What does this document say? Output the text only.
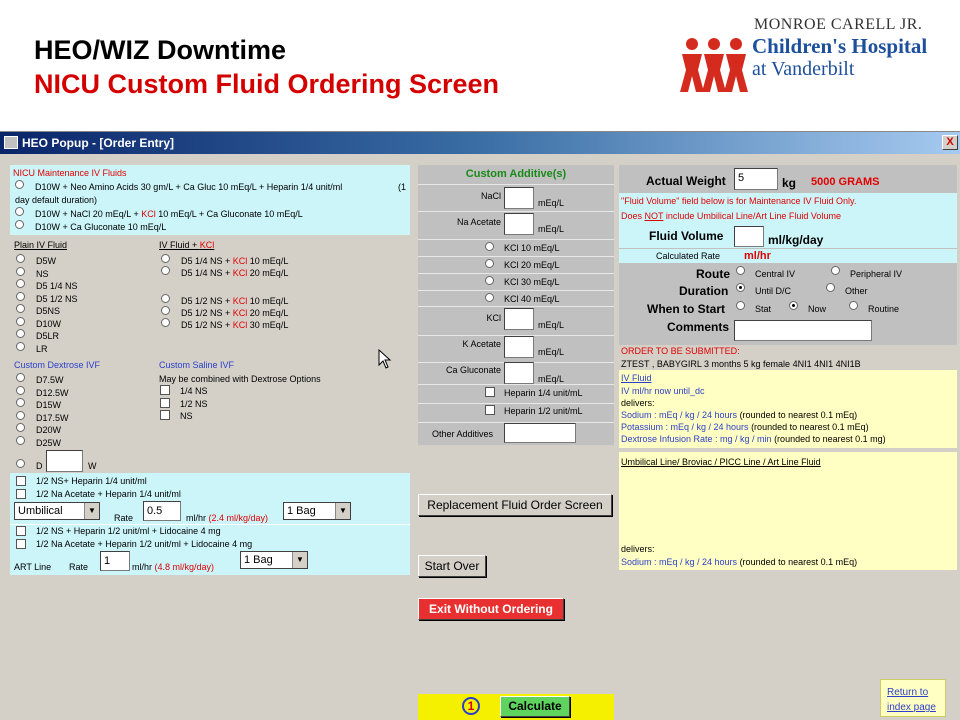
HEO/WIZ Downtime
NICU Custom Fluid Ordering Screen
MONROE CARELL JR.
Children's Hospital
at Vanderbilt
HEO Popup - [Order Entry]	X
NICU Maintenance IV Fluids
D10W + Neo Amino Acids 30 gm/L + Ca Gluc 10 mEq/L + Heparin 1/4 unit/ml	(1
day default duration)
D10W + NaCl 20 mEq/L + KCl 10 mEq/L + Ca Gluconate 10 mEq/L
D10W + Ca Gluconate 10 mEq/L
Plain IV Fluid
D5W
NS
D5 1/4 NS
D5 1/2 NS
D5NS
D10W
D5LR
LR
IV Fluid + KCl
D5 1/4 NS + KCl 10 mEq/L
D5 1/4 NS + KCl 20 mEq/L
D5 1/2 NS + KCl 10 mEq/L
D5 1/2 NS + KCl 20 mEq/L
D5 1/2 NS + KCl 30 mEq/L
Custom Dextrose IVF
D7.5W
D12.5W
D15W
D17.5W
D20W
D25W
Custom Saline IVF
May be combined with Dextrose Options
1/4 NS
1/2 NS
NS
D	W
1/2 NS+ Heparin 1/4 unit/ml
1/2 Na Acetate + Heparin 1/4 unit/ml
Umbilical	▼
Rate
0.5
ml/hr (2.4 ml/kg/day)
1 Bag	▼
1/2 NS + Heparin 1/2 unit/ml + Lidocaine 4 mg
1/2 Na Acetate + Heparin 1/2 unit/ml + Lidocaine 4 mg
ART Line Rate	1	ml/hr (4.8 ml/kg/day)
1 Bag	▼
Custom Additive(s)
NaCl
mEq/L
Na Acetate
mEq/L
KCl 10 mEq/L
KCl 20 mEq/L
KCl 30 mEq/L
KCl 40 mEq/L
KCl
mEq/L
K Acetate
mEq/L
Ca Gluconate
mEq/L
Heparin 1/4 unit/mL
Heparin 1/2 unit/mL
Other Additives
Replacement Fluid Order Screen
Start Over
Exit Without Ordering
1	Calculate
Actual Weight	5	kg 5000 GRAMS
"Fluid Volume" field below is for Maintenance IV Fluid Only.
Does NOT include Umbilical Line/Art Line Fluid Volume
Fluid Volume	ml/kg/day
Calculated Rate ml/hr
Route	Central IV	Peripheral IV
Duration	Until D/C	Other
When to Start	Stat	Now	Routine
Comments
ORDER TO BE SUBMITTED:
ZTEST , BABYGIRL 3 months 5 kg female 4NI1 4NI1 4NI1B
IV Fluid
IV ml/hr now until_dc
delivers:
Sodium : mEq / kg / 24 hours (rounded to nearest 0.1 mEq)
Potassium : mEq / kg / 24 hours (rounded to nearest 0.1 mEq)
Dextrose Infusion Rate : mg / kg / min (rounded to nearest 0.1 mg)
Umbilical Line/ Broviac / PICC Line / Art Line Fluid
delivers:
Sodium : mEq / kg / 24 hours (rounded to nearest 0.1 mEq)
Return to index page
